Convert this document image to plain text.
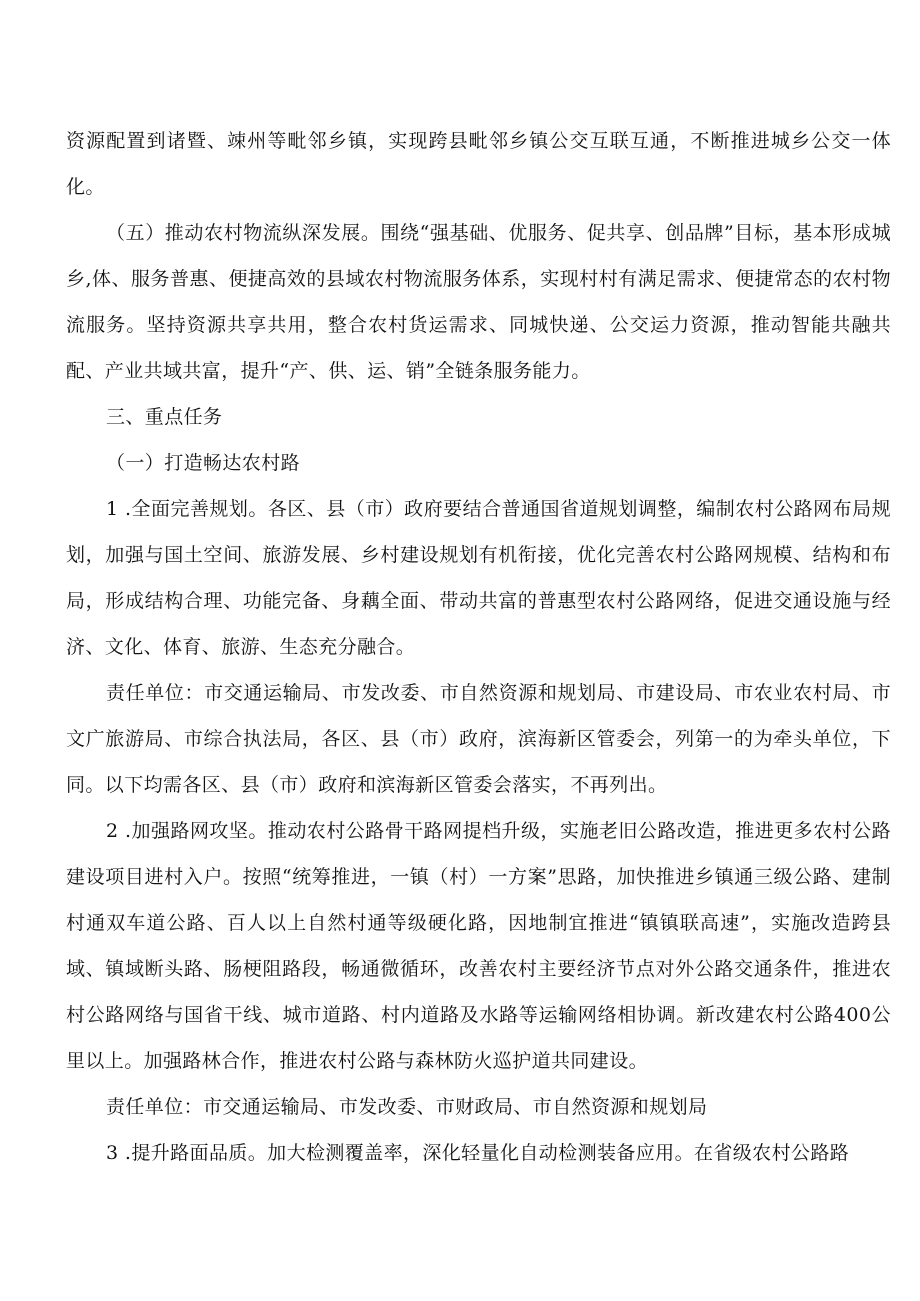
资源配置到诸暨、竦州等毗邻乡镇，实现跨县毗邻乡镇公交互联互通，不断推进城乡公交一体化。

（五）推动农村物流纵深发展。围绕“强基础、优服务、促共享、创品牌”目标，基本形成城乡,体、服务普惠、便捷高效的县域农村物流服务体系，实现村村有满足需求、便捷常态的农村物流服务。坚持资源共享共用，整合农村货运需求、同城快递、公交运力资源，推动智能共融共配、产业共域共富，提升“产、供、运、销”全链条服务能力。

三、重点任务

（一）打造畅达农村路

1 .全面完善规划。各区、县（市）政府要结合普通国省道规划调整，编制农村公路网布局规划，加强与国土空间、旅游发展、乡村建设规划有机衔接，优化完善农村公路网规模、结构和布局，形成结构合理、功能完备、身藕全面、带动共富的普惠型农村公路网络，促进交通设施与经济、文化、体育、旅游、生态充分融合。

责任单位：市交通运输局、市发改委、市自然资源和规划局、市建设局、市农业农村局、市文广旅游局、市综合执法局，各区、县（市）政府，滨海新区管委会，列第一的为牵头单位，下同。以下均需各区、县（市）政府和滨海新区管委会落实，不再列出。

2 .加强路网攻坚。推动农村公路骨干路网提档升级，实施老旧公路改造，推进更多农村公路建设项目进村入户。按照“统筹推进，一镇（村）一方案”思路，加快推进乡镇通三级公路、建制村通双车道公路、百人以上自然村通等级硬化路，因地制宜推进“镇镇联高速”，实施改造跨县域、镇域断头路、肠梗阻路段，畅通微循环，改善农村主要经济节点对外公路交通条件，推进农村公路网络与国省干线、城市道路、村内道路及水路等运输网络相协调。新改建农村公路400公里以上。加强路林合作，推进农村公路与森林防火巡护道共同建设。

责任单位：市交通运输局、市发改委、市财政局、市自然资源和规划局

3 .提升路面品质。加大检测覆盖率，深化轻量化自动检测装备应用。在省级农村公路路
